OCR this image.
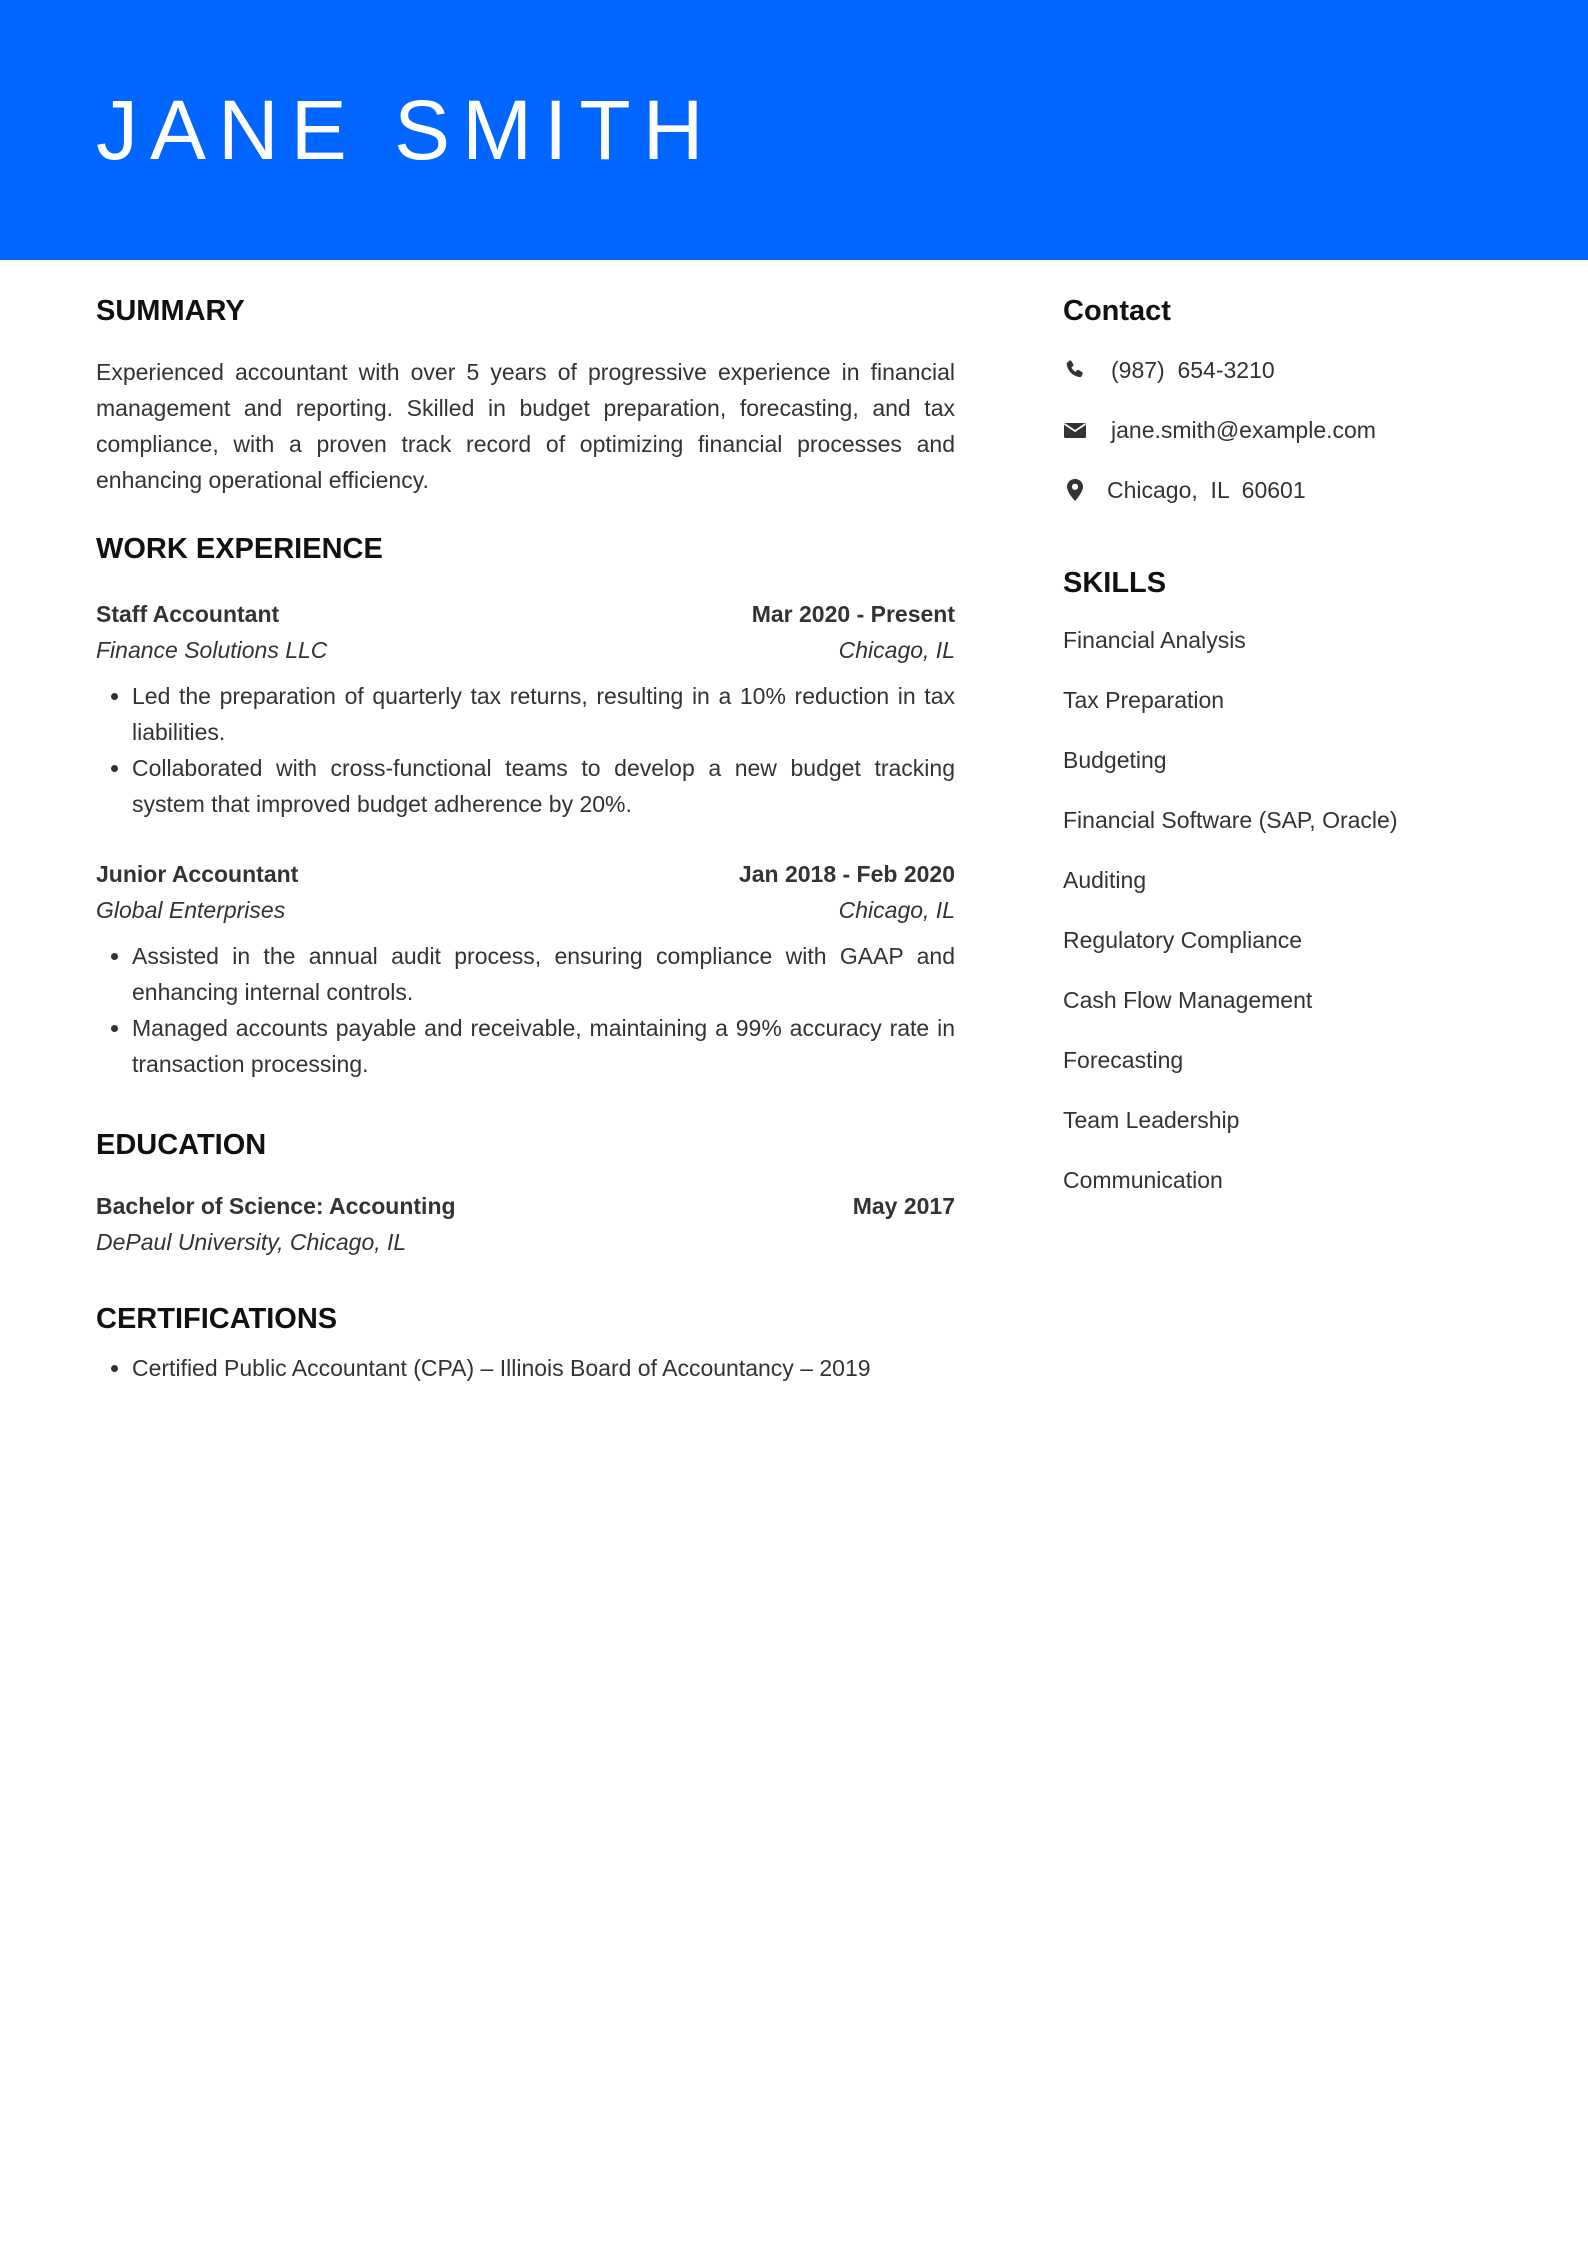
JANE SMITH
SUMMARY

Experienced accountant with over 5 years of progressive experience in financial management and reporting. Skilled in budget preparation, forecasting, and tax compliance, with a proven track record of optimizing financial processes and enhancing operational efficiency.

WORK EXPERIENCE
Staff Accountant	Mar 2020 - Present
Finance Solutions LLC	Chicago, IL
• Led the preparation of quarterly tax returns, resulting in a 10% reduction in tax liabilities.
• Collaborated with cross-functional teams to develop a new budget tracking system that improved budget adherence by 20%.
Junior Accountant	Jan 2018 - Feb 2020
Global Enterprises	Chicago, IL
• Assisted in the annual audit process, ensuring compliance with GAAP and enhancing internal controls.
• Managed accounts payable and receivable, maintaining a 99% accuracy rate in transaction processing.
EDUCATION
Bachelor of Science: Accounting	May 2017
DePaul University, Chicago, IL
CERTIFICATIONS
• Certified Public Accountant (CPA) – Illinois Board of Accountancy – 2019
Contact
(987)  654-3210
jane.smith@example.com
Chicago,  IL  60601
SKILLS
Financial Analysis
Tax Preparation
Budgeting
Financial Software (SAP, Oracle)
Auditing
Regulatory Compliance
Cash Flow Management
Forecasting
Team Leadership
Communication
